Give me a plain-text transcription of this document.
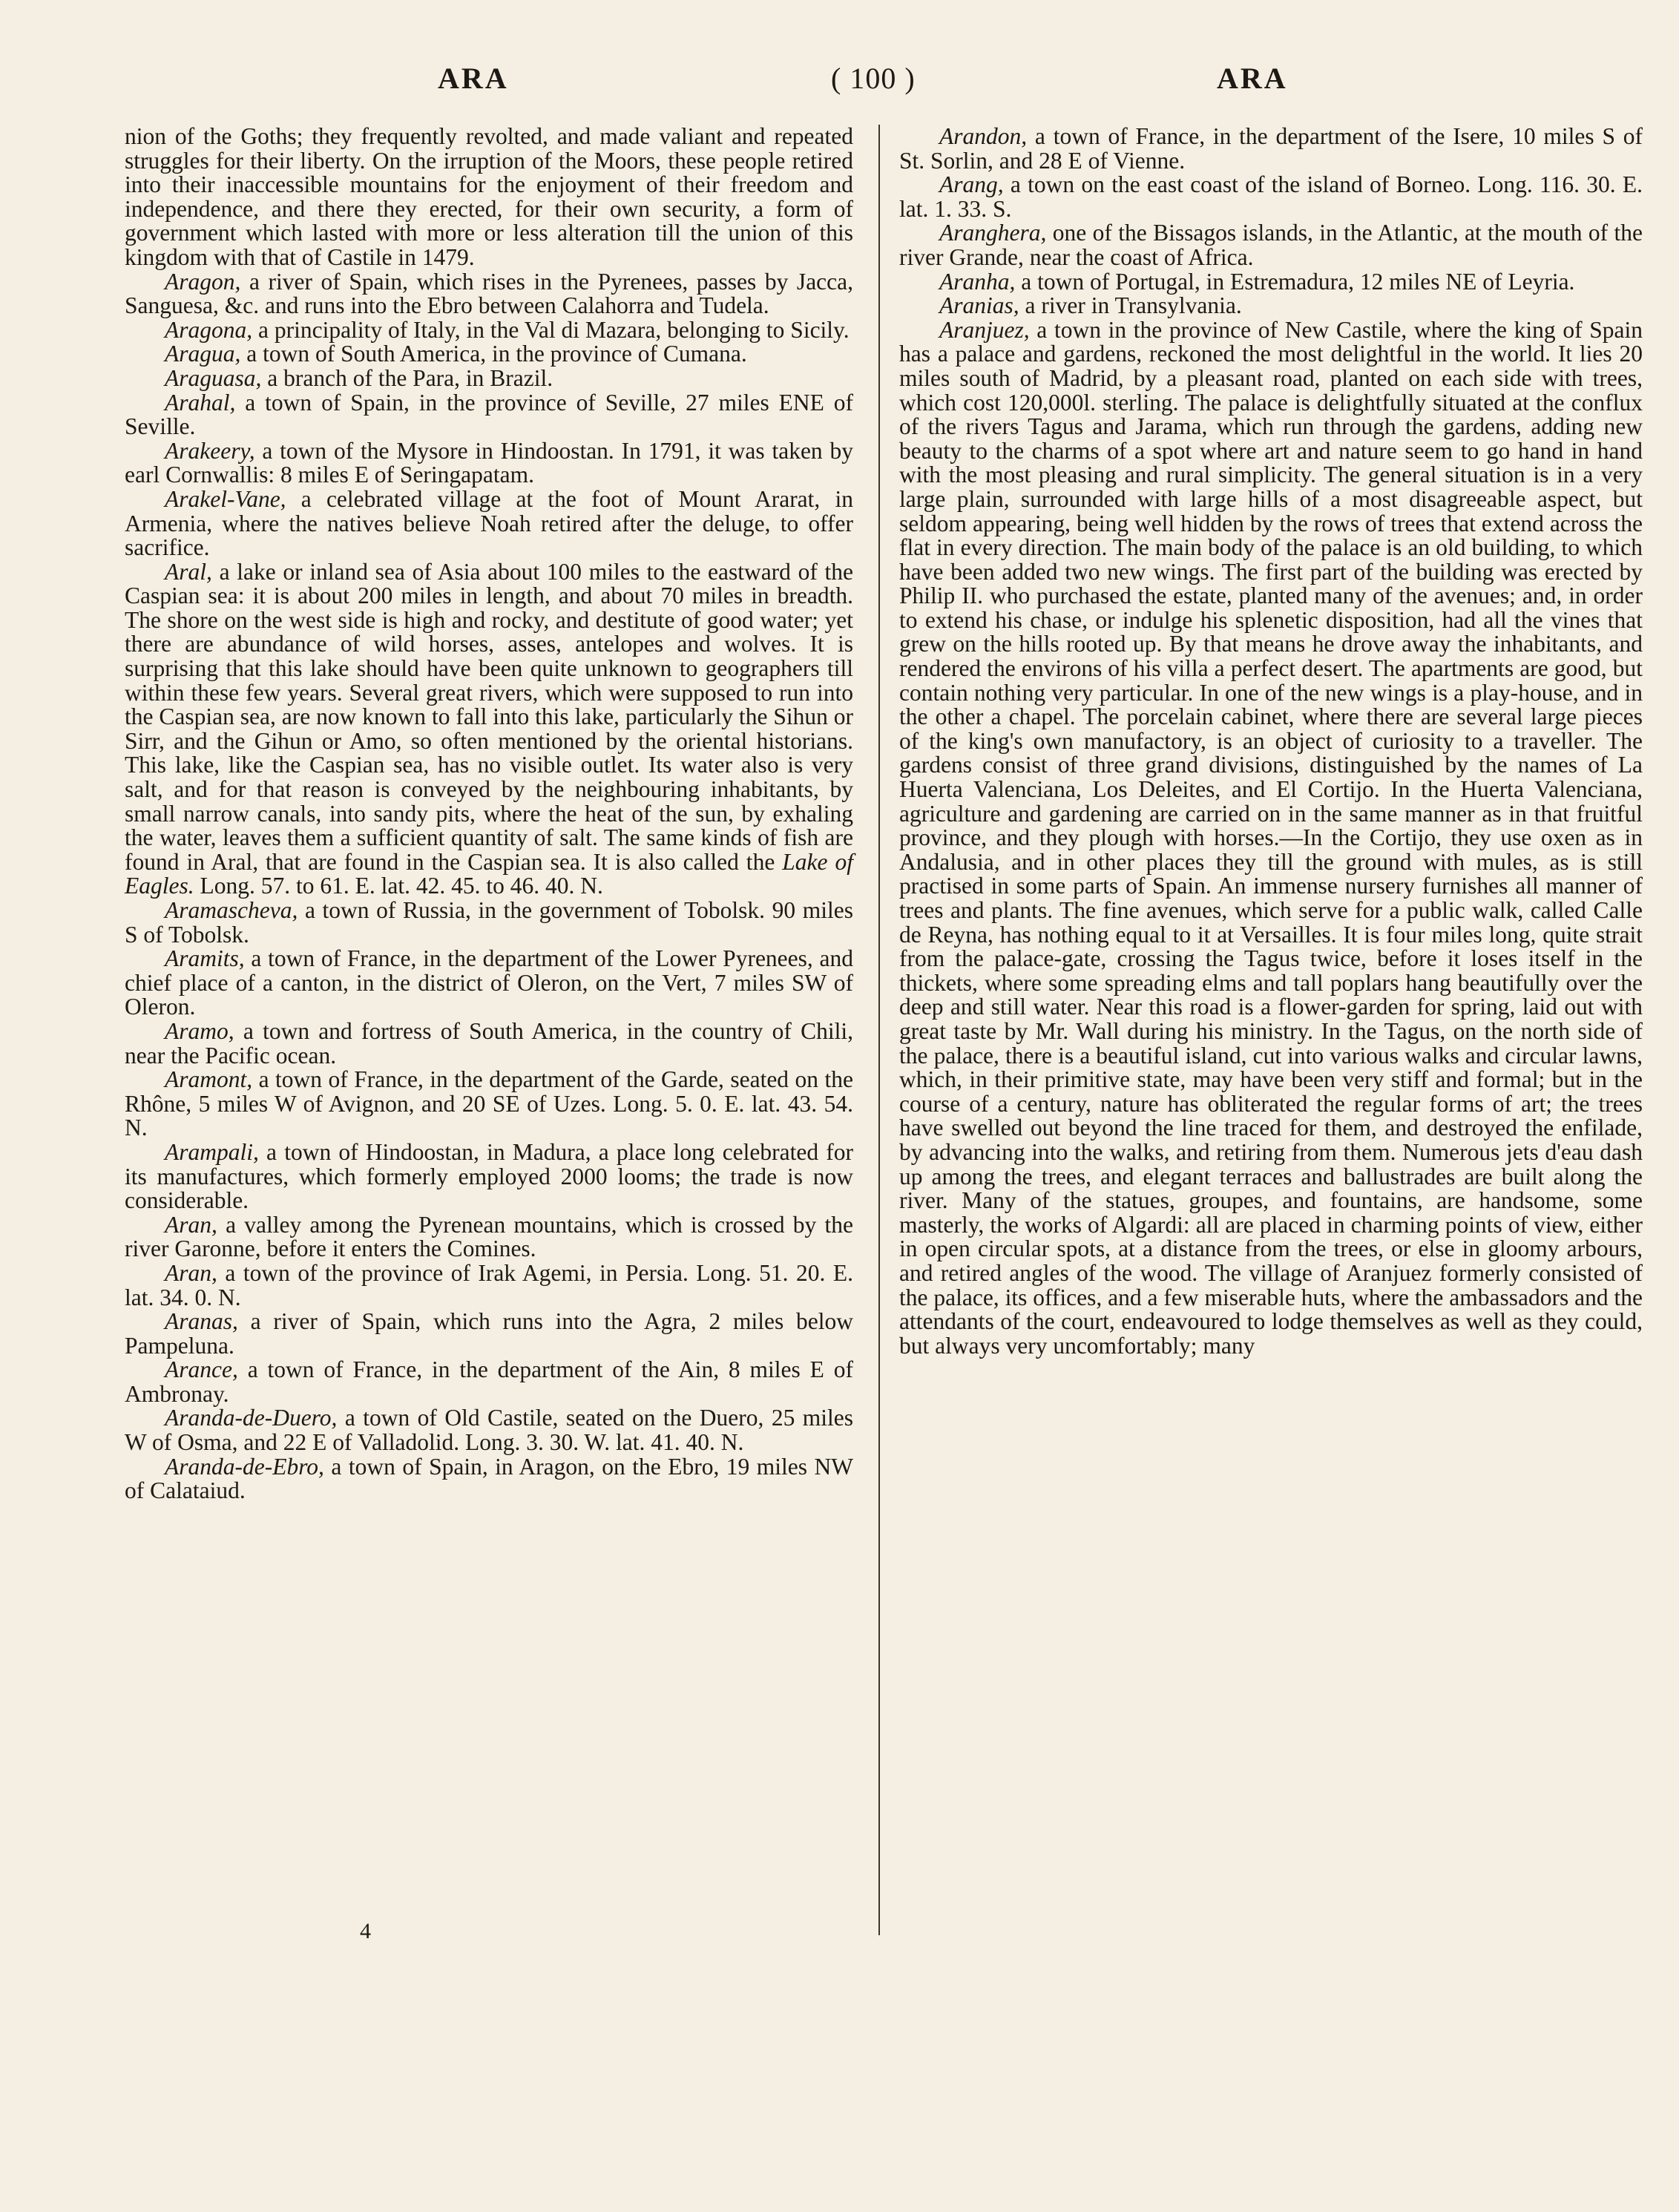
ARA	( 100 )	ARA

nion of the Goths; they frequently revolted, and made valiant and repeated struggles for their liberty. On the irruption of the Moors, these people retired into their inaccessible mountains for the enjoyment of their freedom and independence, and there they erected, for their own security, a form of government which lasted with more or less alteration till the union of this kingdom with that of Castile in 1479.

Aragon, a river of Spain, which rises in the Pyrenees, passes by Jacca, Sanguesa, &c. and runs into the Ebro between Calahorra and Tudela.

Aragona, a principality of Italy, in the Val di Mazara, belonging to Sicily.

Aragua, a town of South America, in the province of Cumana.

Araguasa, a branch of the Para, in Brazil.

Arahal, a town of Spain, in the province of Seville, 27 miles ENE of Seville.

Arakeery, a town of the Mysore in Hindoostan. In 1791, it was taken by earl Cornwallis: 8 miles E of Seringapatam.

Arakel-Vane, a celebrated village at the foot of Mount Ararat, in Armenia, where the natives believe Noah retired after the deluge, to offer sacrifice.

Aral, a lake or inland sea of Asia about 100 miles to the eastward of the Caspian sea: it is about 200 miles in length, and about 70 miles in breadth. The shore on the west side is high and rocky, and destitute of good water; yet there are abundance of wild horses, asses, antelopes and wolves. It is surprising that this lake should have been quite unknown to geographers till within these few years. Several great rivers, which were supposed to run into the Caspian sea, are now known to fall into this lake, particularly the Sihun or Sirr, and the Gihun or Amo, so often mentioned by the oriental historians. This lake, like the Caspian sea, has no visible outlet. Its water also is very salt, and for that reason is conveyed by the neighbouring inhabitants, by small narrow canals, into sandy pits, where the heat of the sun, by exhaling the water, leaves them a sufficient quantity of salt. The same kinds of fish are found in Aral, that are found in the Caspian sea. It is also called the Lake of Eagles. Long. 57. to 61. E. lat. 42. 45. to 46. 40. N.

Aramascheva, a town of Russia, in the government of Tobolsk. 90 miles S of Tobolsk.

Aramits, a town of France, in the department of the Lower Pyrenees, and chief place of a canton, in the district of Oleron, on the Vert, 7 miles SW of Oleron.

Aramo, a town and fortress of South America, in the country of Chili, near the Pacific ocean.

Aramont, a town of France, in the department of the Garde, seated on the Rhône, 5 miles W of Avignon, and 20 SE of Uzes. Long. 5. 0. E. lat. 43. 54. N.

Arampali, a town of Hindoostan, in Madura, a place long celebrated for its manufactures, which formerly employed 2000 looms; the trade is now considerable.

Aran, a valley among the Pyrenean mountains, which is crossed by the river Garonne, before it enters the Comines.

Aran, a town of the province of Irak Agemi, in Persia. Long. 51. 20. E. lat. 34. 0. N.

Aranas, a river of Spain, which runs into the Agra, 2 miles below Pampeluna.

Arance, a town of France, in the department of the Ain, 8 miles E of Ambronay.

Aranda-de-Duero, a town of Old Castile, seated on the Duero, 25 miles W of Osma, and 22 E of Valladolid. Long. 3. 30. W. lat. 41. 40. N.

Aranda-de-Ebro, a town of Spain, in Aragon, on the Ebro, 19 miles NW of Calataiud.

Arandon, a town of France, in the department of the Isere, 10 miles S of St. Sorlin, and 28 E of Vienne.

Arang, a town on the east coast of the island of Borneo. Long. 116. 30. E. lat. 1. 33. S.

Aranghera, one of the Bissagos islands, in the Atlantic, at the mouth of the river Grande, near the coast of Africa.

Aranha, a town of Portugal, in Estremadura, 12 miles NE of Leyria.

Aranias, a river in Transylvania.

Aranjuez, a town in the province of New Castile, where the king of Spain has a palace and gardens, reckoned the most delightful in the world. It lies 20 miles south of Madrid, by a pleasant road, planted on each side with trees, which cost 120,000l. sterling. The palace is delightfully situated at the conflux of the rivers Tagus and Jarama, which run through the gardens, adding new beauty to the charms of a spot where art and nature seem to go hand in hand with the most pleasing and rural simplicity. The general situation is in a very large plain, surrounded with large hills of a most disagreeable aspect, but seldom appearing, being well hidden by the rows of trees that extend across the flat in every direction. The main body of the palace is an old building, to which have been added two new wings. The first part of the building was erected by Philip II. who purchased the estate, planted many of the avenues; and, in order to extend his chase, or indulge his splenetic disposition, had all the vines that grew on the hills rooted up. By that means he drove away the inhabitants, and rendered the environs of his villa a perfect desert. The apartments are good, but contain nothing very particular. In one of the new wings is a play-house, and in the other a chapel. The porcelain cabinet, where there are several large pieces of the king's own manufactory, is an object of curiosity to a traveller. The gardens consist of three grand divisions, distinguished by the names of La Huerta Valenciana, Los Deleites, and El Cortijo. In the Huerta Valenciana, agriculture and gardening are carried on in the same manner as in that fruitful province, and they plough with horses.—In the Cortijo, they use oxen as in Andalusia, and in other places they till the ground with mules, as is still practised in some parts of Spain. An immense nursery furnishes all manner of trees and plants. The fine avenues, which serve for a public walk, called Calle de Reyna, has nothing equal to it at Versailles. It is four miles long, quite strait from the palace-gate, crossing the Tagus twice, before it loses itself in the thickets, where some spreading elms and tall poplars hang beautifully over the deep and still water. Near this road is a flower-garden for spring, laid out with great taste by Mr. Wall during his ministry. In the Tagus, on the north side of the palace, there is a beautiful island, cut into various walks and circular lawns, which, in their primitive state, may have been very stiff and formal; but in the course of a century, nature has obliterated the regular forms of art; the trees have swelled out beyond the line traced for them, and destroyed the enfilade, by advancing into the walks, and retiring from them. Numerous jets d'eau dash up among the trees, and elegant terraces and ballustrades are built along the river. Many of the statues, groupes, and fountains, are handsome, some masterly, the works of Algardi: all are placed in charming points of view, either in open circular spots, at a distance from the trees, or else in gloomy arbours, and retired angles of the wood. The village of Aranjuez formerly consisted of the palace, its offices, and a few miserable huts, where the ambassadors and the attendants of the court, endeavoured to lodge themselves as well as they could, but always very uncomfortably; many

4
